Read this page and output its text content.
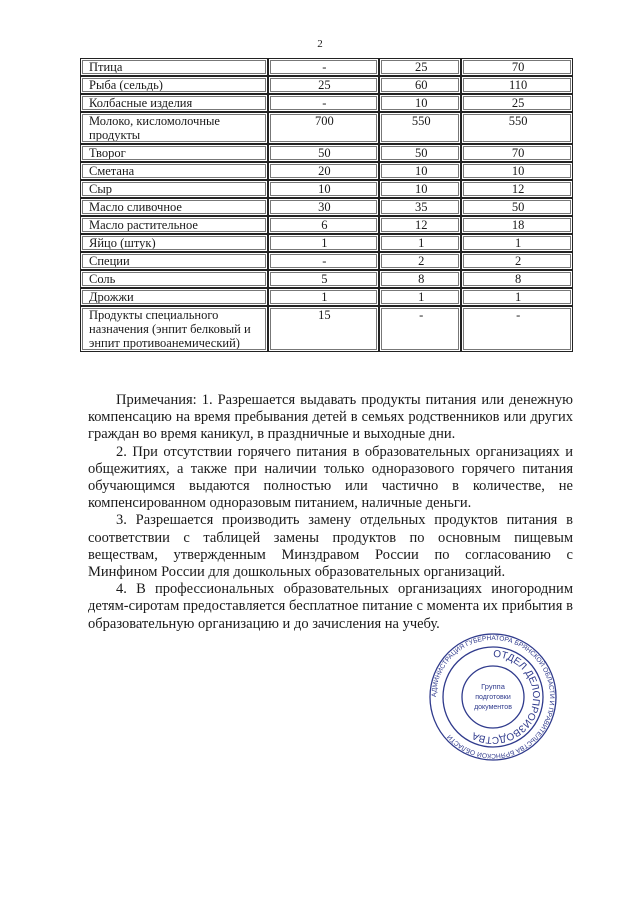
2
Птица	-	25	70
Рыба (сельдь)	25	60	110
Колбасные изделия	-	10	25
Молоко, кисломолочные продукты	700	550	550
Творог	50	50	70
Сметана	20	10	10
Сыр	10	10	12
Масло сливочное	30	35	50
Масло растительное	6	12	18
Яйцо (штук)	1	1	1
Специи	-	2	2
Соль	5	8	8
Дрожжи	1	1	1
Продукты специального назначения (энпит белковый и энпит противоанемический)	15	-	-

Примечания: 1. Разрешается выдавать продукты питания или денежную компенсацию на время пребывания детей в семьях родственников или других граждан во время каникул, в праздничные и выходные дни.

2. При отсутствии горячего питания в образовательных организациях и общежитиях, а также при наличии только одноразового горячего питания обучающимся выдаются полностью или частично в количестве, не компенсированном одноразовым питанием, наличные деньги.

3. Разрешается производить замену отдельных продуктов питания в соответствии с таблицей замены продуктов по основным пищевым веществам, утвержденным Минздравом России по согласованию с Минфином России для дошкольных образовательных организаций.

4. В профессиональных образовательных организациях иногородним детям-сиротам предоставляется бесплатное питание с момента их прибытия в образовательную организацию и до зачисления на учебу.

АДМИНИСТРАЦИЯ ГУБЕРНАТОРА БРЯНСКОЙ ОБЛАСТИ И ПРАВИТЕЛЬСТВА БРЯНСКОЙ ОБЛАСТИ
ОТДЕЛ ДЕЛОПРОИЗВОДСТВА
Группа
подготовки
документов
